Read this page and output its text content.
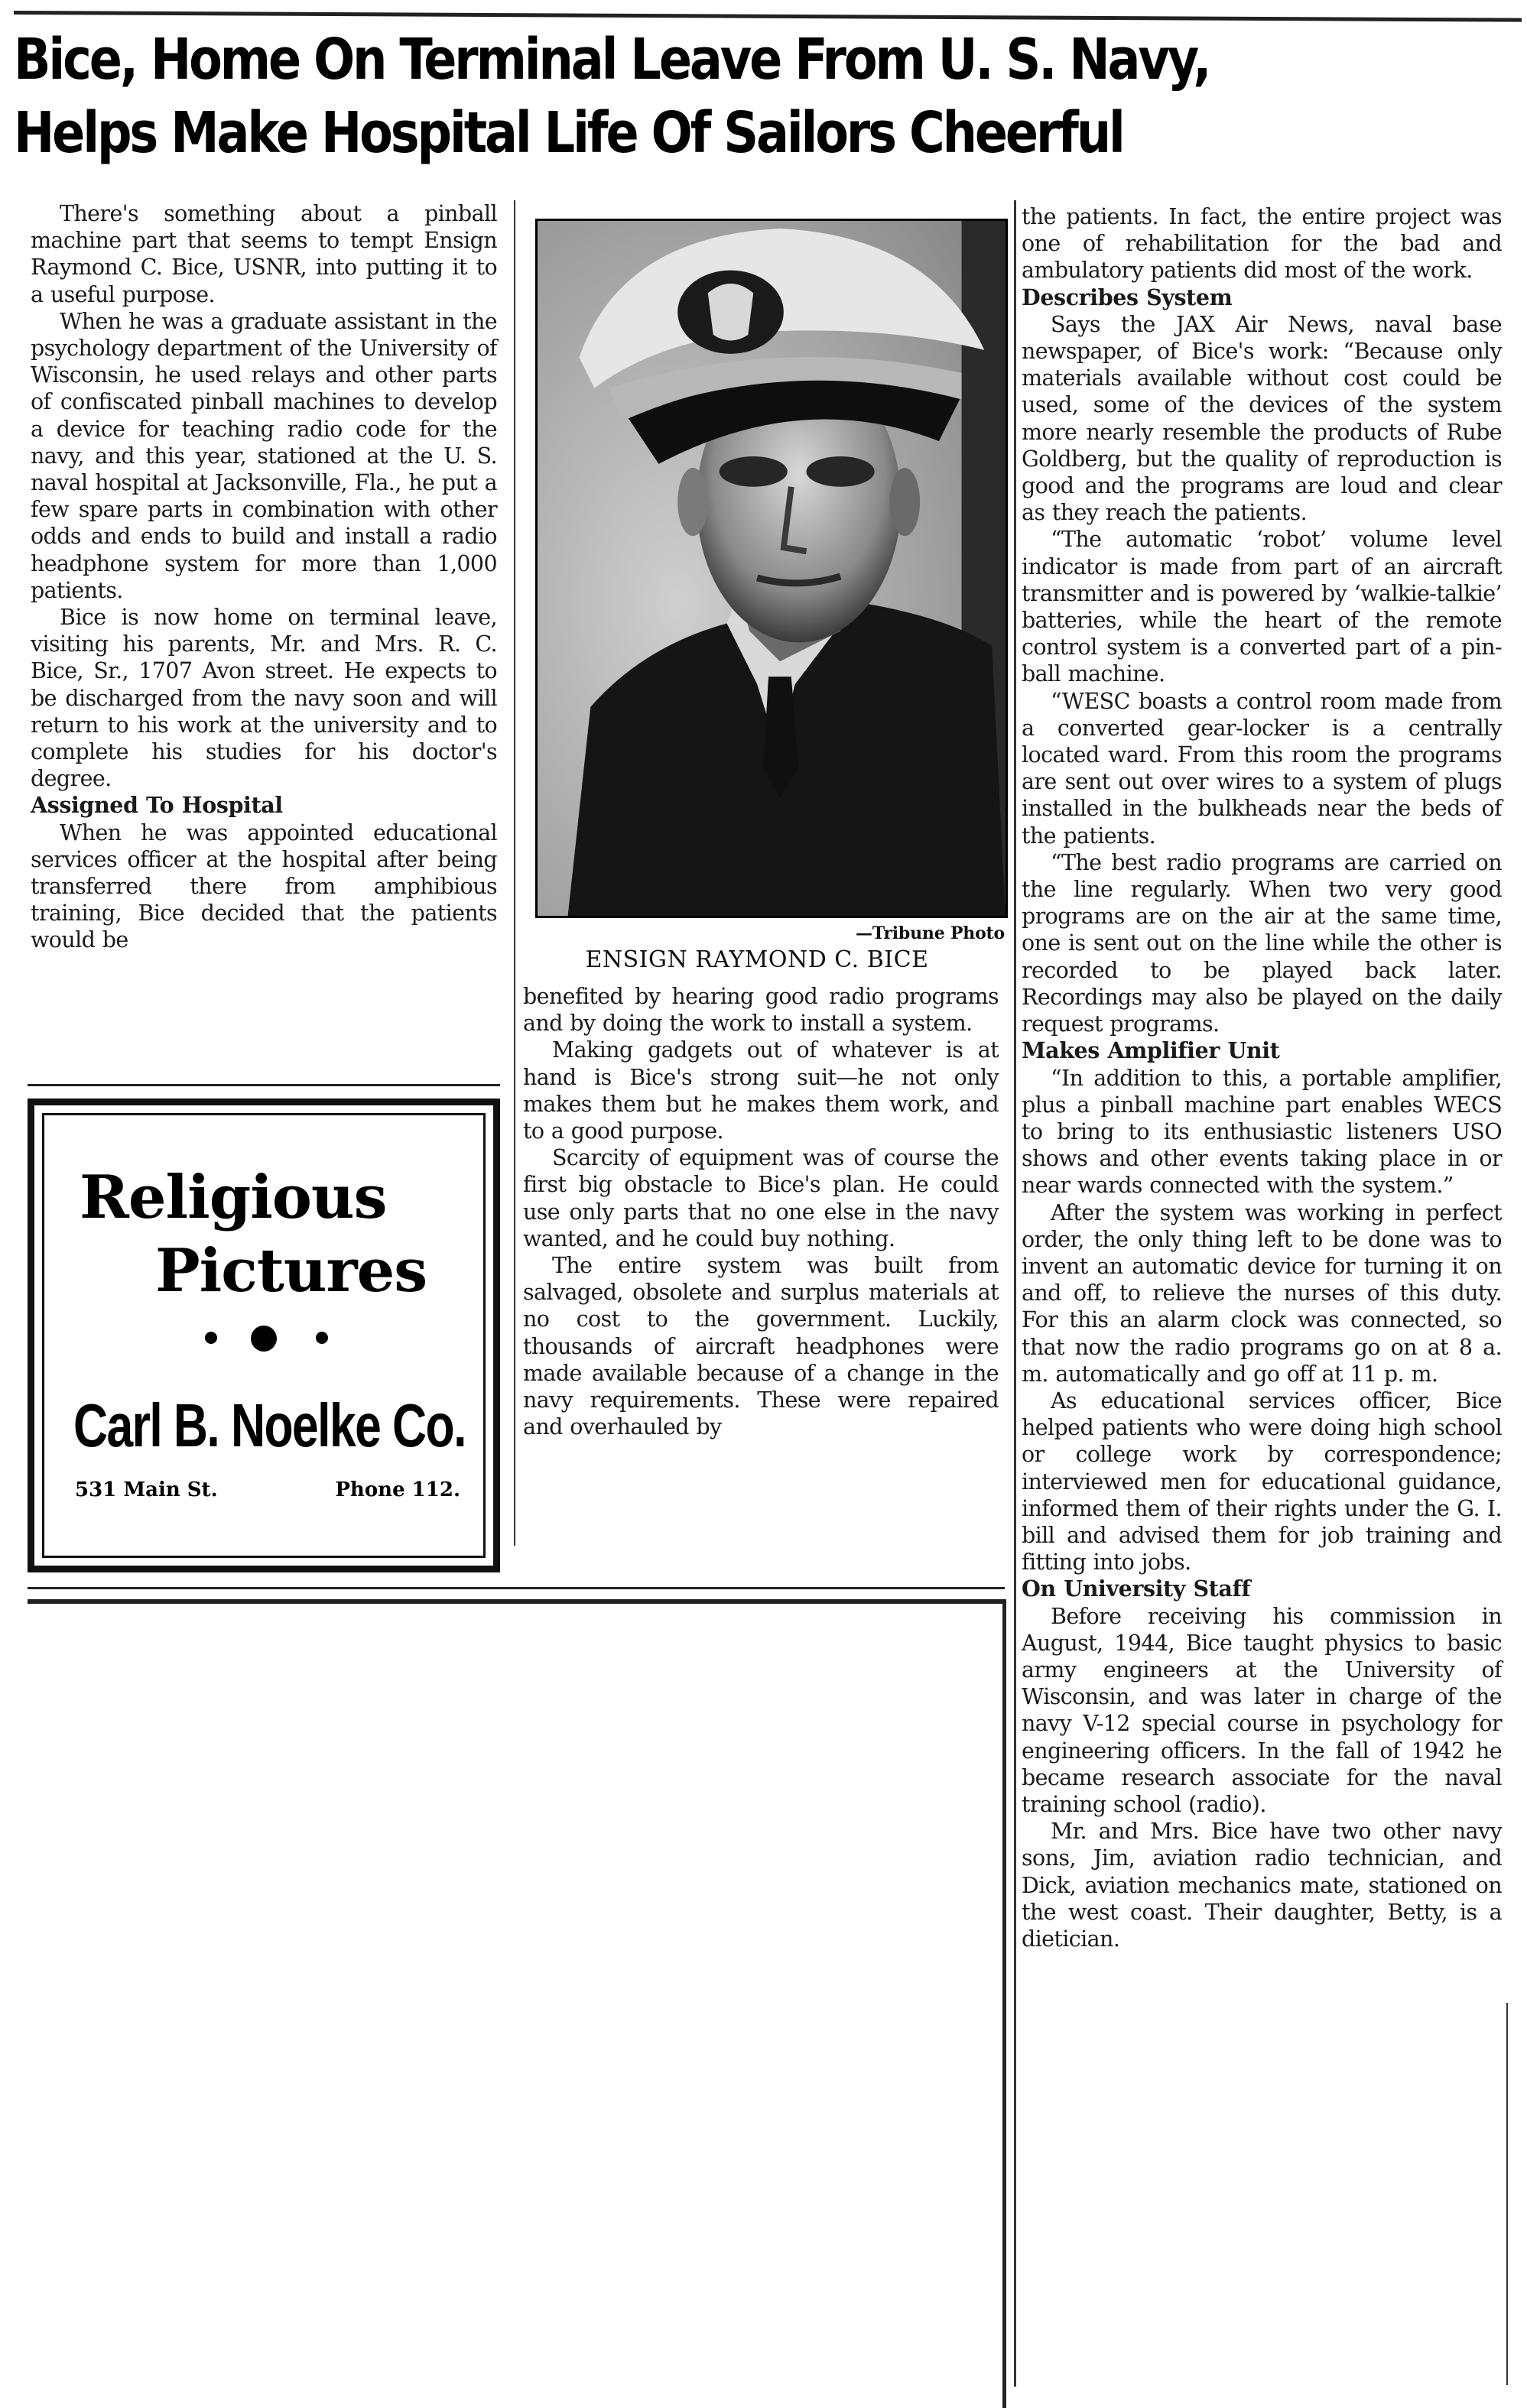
Bice, Home On Terminal Leave From U. S. Navy,
Helps Make Hospital Life Of Sailors Cheerful

There's something about a pinball machine part that seems to tempt Ensign Raymond C. Bice, USNR, into putting it to a useful purpose.

When he was a graduate assistant in the psychology department of the University of Wisconsin, he used relays and other parts of confiscated pinball machines to develop a device for teaching radio code for the navy, and this year, stationed at the U. S. naval hospital at Jacksonville, Fla., he put a few spare parts in combination with other odds and ends to build and install a radio headphone system for more than 1,000 patients.

Bice is now home on terminal leave, visiting his parents, Mr. and Mrs. R. C. Bice, Sr., 1707 Avon street. He expects to be discharged from the navy soon and will return to his work at the university and to complete his studies for his doctor's degree.

Assigned To Hospital

When he was appointed educational services officer at the hospital after being transferred there from amphibious training, Bice decided that the patients would be	—Tribune Photo
ENSIGN RAYMOND C. BICE

benefited by hearing good radio programs and by doing the work to install a system.

Making gadgets out of whatever is at hand is Bice's strong suit—he not only makes them but he makes them work, and to a good purpose.

Scarcity of equipment was of course the first big obstacle to Bice's plan. He could use only parts that no one else in the navy wanted, and he could buy nothing.

The entire system was built from salvaged, obsolete and surplus materials at no cost to the government. Luckily, thousands of aircraft headphones were made available because of a change in the navy requirements. These were repaired and overhauled by

the patients. In fact, the entire project was one of rehabilitation for the bad and ambulatory patients did most of the work.

Describes System

Says the JAX Air News, naval base newspaper, of Bice's work: “Because only materials available without cost could be used, some of the devices of the system more nearly resemble the products of Rube Goldberg, but the quality of reproduction is good and the programs are loud and clear as they reach the patients.

“The automatic ‘robot’ volume level indicator is made from part of an aircraft transmitter and is powered by ‘walkie-talkie’ batteries, while the heart of the remote control system is a converted part of a pin-ball machine.

“WESC boasts a control room made from a converted gear-locker is a centrally located ward. From this room the programs are sent out over wires to a system of plugs installed in the bulkheads near the beds of the patients.

“The best radio programs are carried on the line regularly. When two very good programs are on the air at the same time, one is sent out on the line while the other is recorded to be played back later. Recordings may also be played on the daily request programs.

Makes Amplifier Unit

“In addition to this, a portable amplifier, plus a pinball machine part enables WECS to bring to its enthusiastic listeners USO shows and other events taking place in or near wards connected with the system.”

After the system was working in perfect order, the only thing left to be done was to invent an automatic device for turning it on and off, to relieve the nurses of this duty. For this an alarm clock was connected, so that now the radio programs go on at 8 a. m. automatically and go off at 11 p. m.

As educational services officer, Bice helped patients who were doing high school or college work by correspondence; interviewed men for educational guidance, informed them of their rights under the G. I. bill and advised them for job training and fitting into jobs.

On University Staff

Before receiving his commission in August, 1944, Bice taught physics to basic army engineers at the University of Wisconsin, and was later in charge of the navy V-12 special course in psychology for engineering officers. In the fall of 1942 he became research associate for the naval training school (radio).

Mr. and Mrs. Bice have two other navy sons, Jim, aviation radio technician, and Dick, aviation mechanics mate, stationed on the west coast. Their daughter, Betty, is a dietician.

Religious
Pictures
Carl B. Noelke Co.
531 Main St.	Phone 112.
